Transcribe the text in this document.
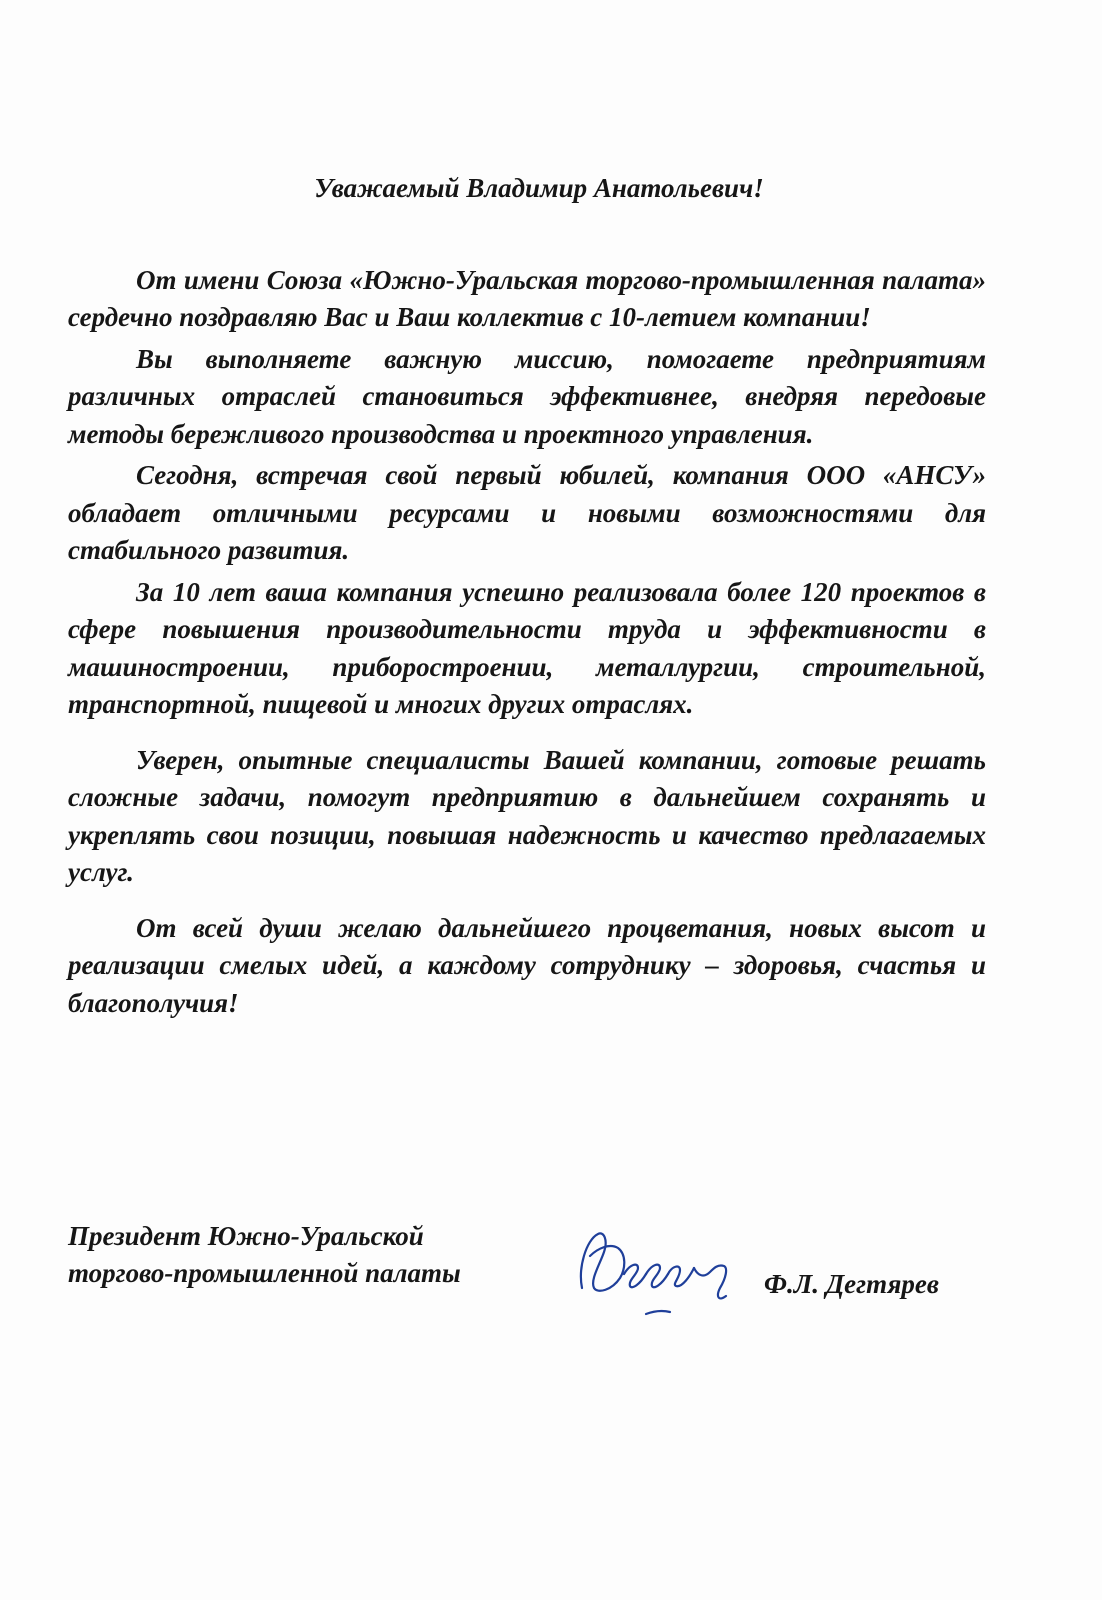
Уважаемый Владимир Анатольевич!

От имени Союза «Южно-Уральская торгово-промышленная палата» сердечно поздравляю Вас и Ваш коллектив с 10-летием компании!

Вы выполняете важную миссию, помогаете предприятиям различных отраслей становиться эффективнее, внедряя передовые методы бережливого производства и проектного управления.

Сегодня, встречая свой первый юбилей, компания ООО «АНСУ» обладает отличными ресурсами и новыми возможностями для стабильного развития.

За 10 лет ваша компания успешно реализовала более 120 проектов в сфере повышения производительности труда и эффективности в машиностроении, приборостроении, металлургии, строительной, транспортной, пищевой и многих других отраслях.

Уверен, опытные специалисты Вашей компании, готовые решать сложные задачи, помогут предприятию в дальнейшем сохранять и укреплять свои позиции, повышая надежность и качество предлагаемых услуг.

От всей души желаю дальнейшего процветания, новых высот и реализации смелых идей, а каждому сотруднику – здоровья, счастья и благополучия!

Президент Южно-Уральской
торгово-промышленной палаты	Ф.Л. Дегтярев
